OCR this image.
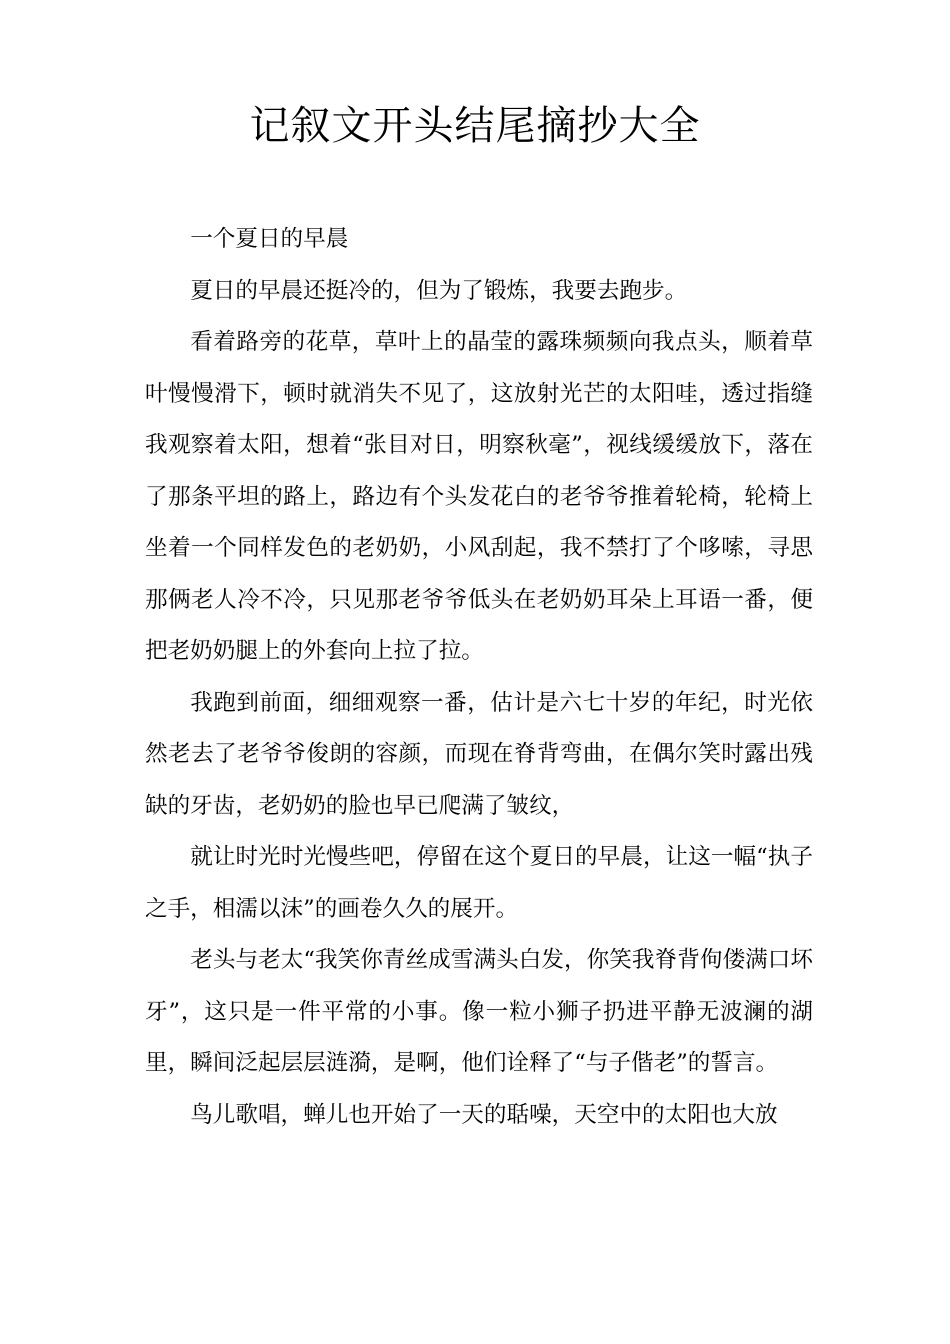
记叙文开头结尾摘抄大全

一个夏日的早晨

夏日的早晨还挺冷的，但为了锻炼，我要去跑步。

看着路旁的花草，草叶上的晶莹的露珠频频向我点头，顺着草叶慢慢滑下，顿时就消失不见了，这放射光芒的太阳哇，透过指缝我观察着太阳，想着“张目对日，明察秋毫”，视线缓缓放下，落在了那条平坦的路上，路边有个头发花白的老爷爷推着轮椅，轮椅上坐着一个同样发色的老奶奶，小风刮起，我不禁打了个哆嗦，寻思那俩老人冷不冷，只见那老爷爷低头在老奶奶耳朵上耳语一番，便把老奶奶腿上的外套向上拉了拉。

我跑到前面，细细观察一番，估计是六七十岁的年纪，时光依然老去了老爷爷俊朗的容颜，而现在脊背弯曲，在偶尔笑时露出残缺的牙齿，老奶奶的脸也早已爬满了皱纹，

就让时光时光慢些吧，停留在这个夏日的早晨，让这一幅“执子之手，相濡以沫”的画卷久久的展开。

老头与老太“我笑你青丝成雪满头白发，你笑我脊背佝偻满口坏牙”，这只是一件平常的小事。像一粒小狮子扔进平静无波澜的湖里，瞬间泛起层层涟漪，是啊，他们诠释了“与子偕老”的誓言。

鸟儿歌唱，蝉儿也开始了一天的聒噪，天空中的太阳也大放
